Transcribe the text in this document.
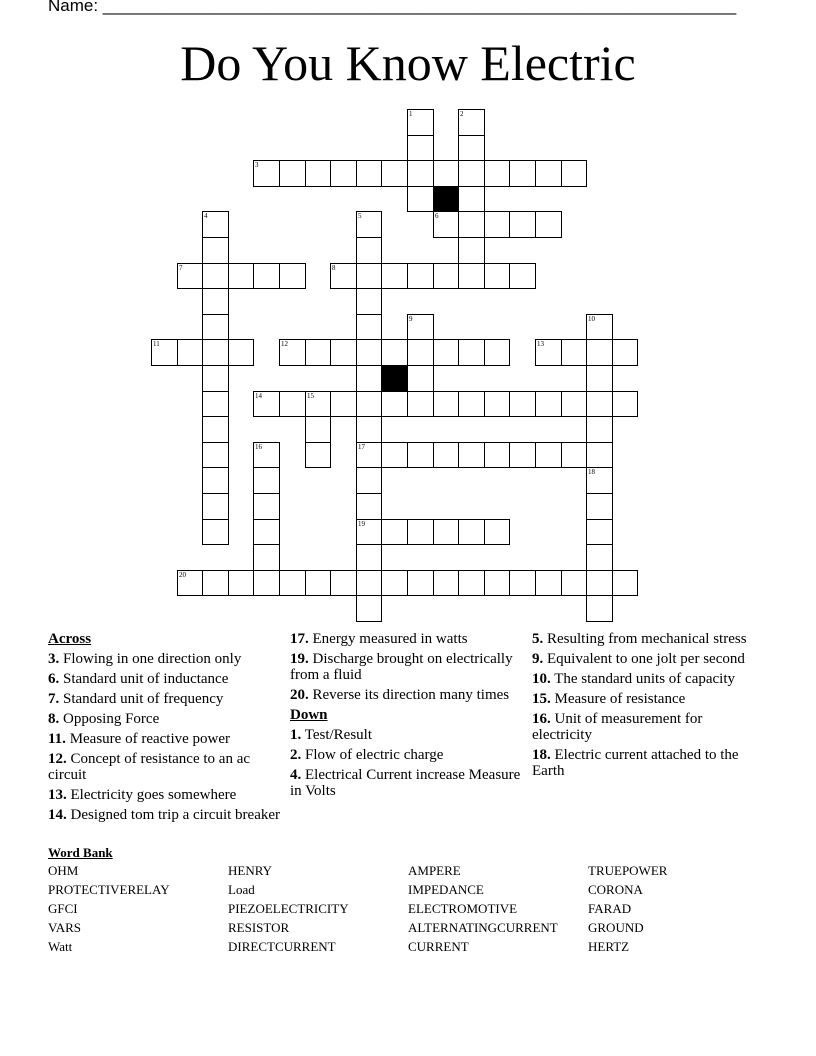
Name: ___________________________________________________________________
Do You Know Electric
1	2
3
4	5
17
19
6
7	8
9	10
11	12	13
14	15
16
18
20
Across
3. Flowing in one direction only
6. Standard unit of inductance
7. Standard unit of frequency
8. Opposing Force
11. Measure of reactive power
12. Concept of resistance to an ac circuit
13. Electricity goes somewhere
14. Designed tom trip a circuit breaker
17. Energy measured in watts
19. Discharge brought on electrically from a fluid
20. Reverse its direction many times
Down
1. Test/Result
2. Flow of electric charge
4. Electrical Current increase Measure in Volts
5. Resulting from mechanical stress
9. Equivalent to one jolt per second
10. The standard units of capacity
15. Measure of resistance
16. Unit of measurement for electricity
18. Electric current attached to the Earth
Word Bank
OHM	HENRY	AMPERE	TRUEPOWER
PROTECTIVERELAY	Load	IMPEDANCE	CORONA
GFCI	PIEZOELECTRICITY	ELECTROMOTIVE	FARAD
VARS	RESISTOR	ALTERNATINGCURRENT	GROUND
Watt	DIRECTCURRENT	CURRENT	HERTZ
